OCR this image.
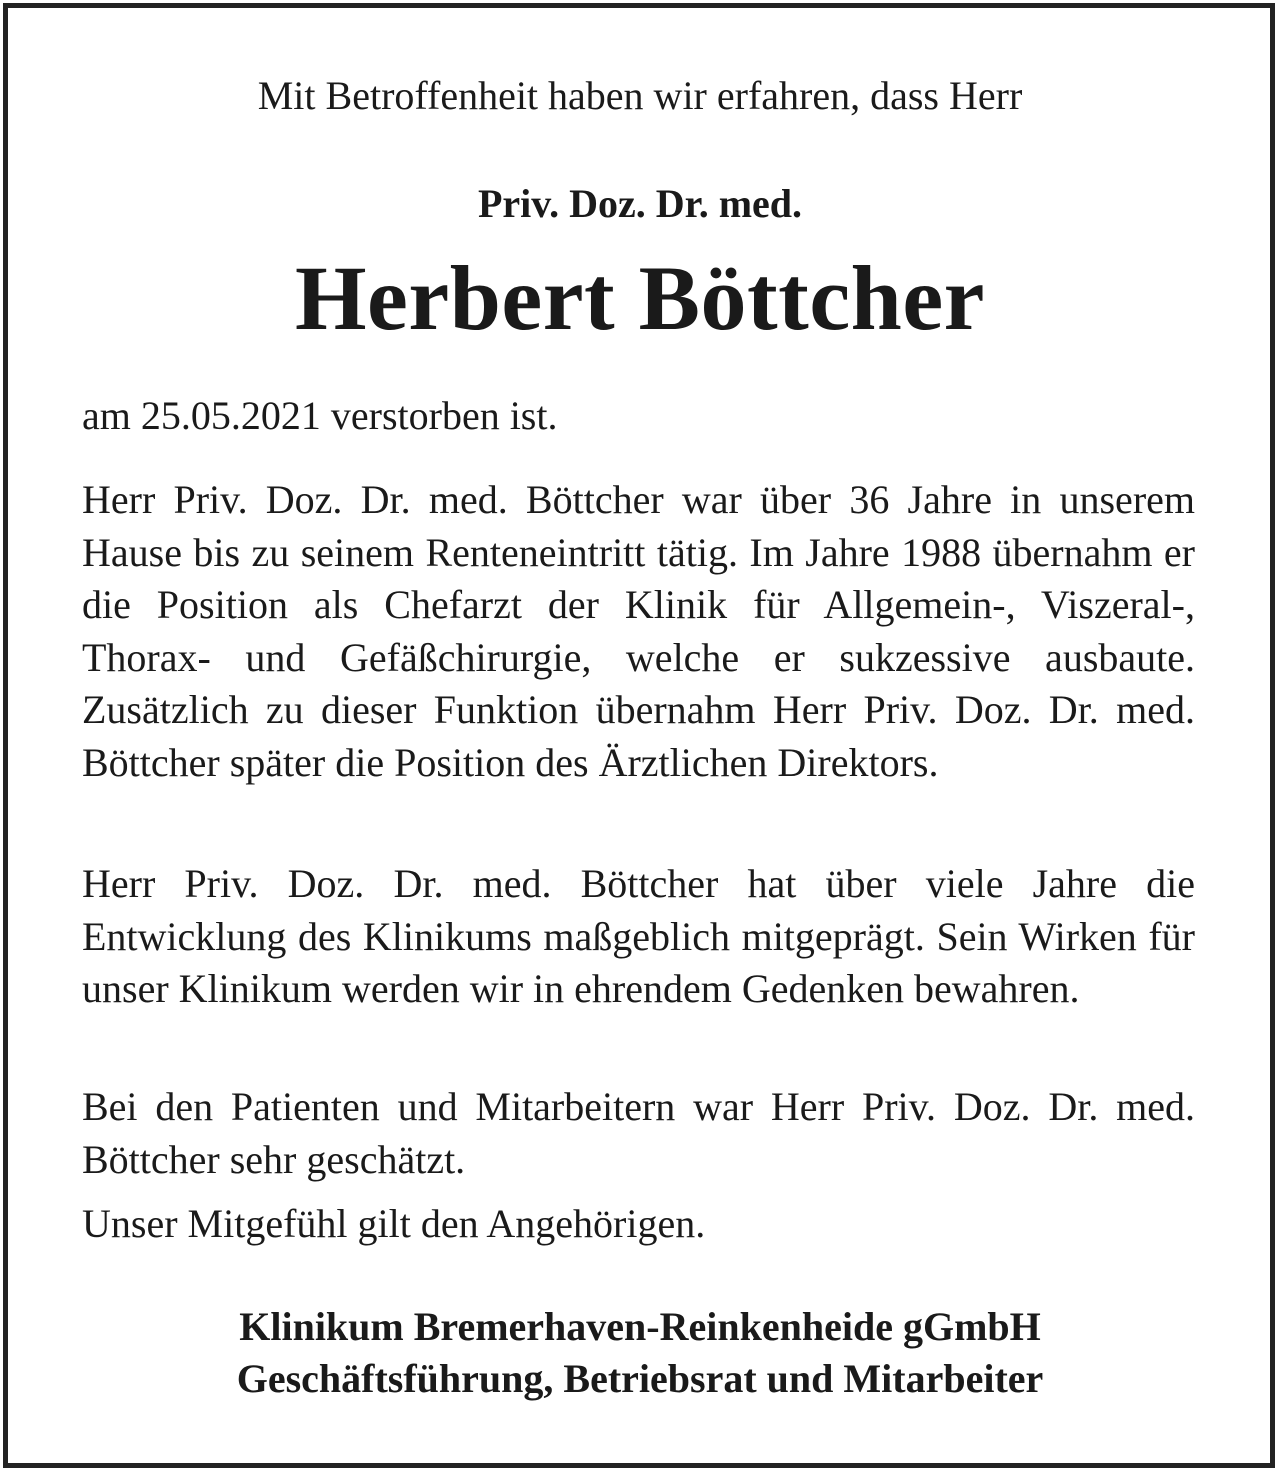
Mit Betroffenheit haben wir erfahren, dass Herr
Priv. Doz. Dr. med.
Herbert Böttcher
am 25.05.2021 verstorben ist.
Herr Priv. Doz. Dr. med. Böttcher war über 36 Jahre in unserem Hause bis zu seinem Renteneintritt tätig. Im Jahre 1988 übernahm er die Position als Chefarzt der Klinik für Allgemein-, Viszeral-, Thorax- und Gefäßchirurgie, welche er sukzessive ausbaute. Zusätzlich zu dieser Funktion übernahm Herr Priv. Doz. Dr. med. Böttcher später die Position des Ärztlichen Direktors.
Herr Priv. Doz. Dr. med. Böttcher hat über viele Jahre die Entwicklung des Klinikums maßgeblich mitgeprägt. Sein Wirken für unser Klinikum werden wir in ehrendem Gedenken bewahren.
Bei den Patienten und Mitarbeitern war Herr Priv. Doz. Dr. med. Böttcher sehr geschätzt.
Unser Mitgefühl gilt den Angehörigen.
Klinikum Bremerhaven-Reinkenheide gGmbH
Geschäftsführung, Betriebsrat und Mitarbeiter
